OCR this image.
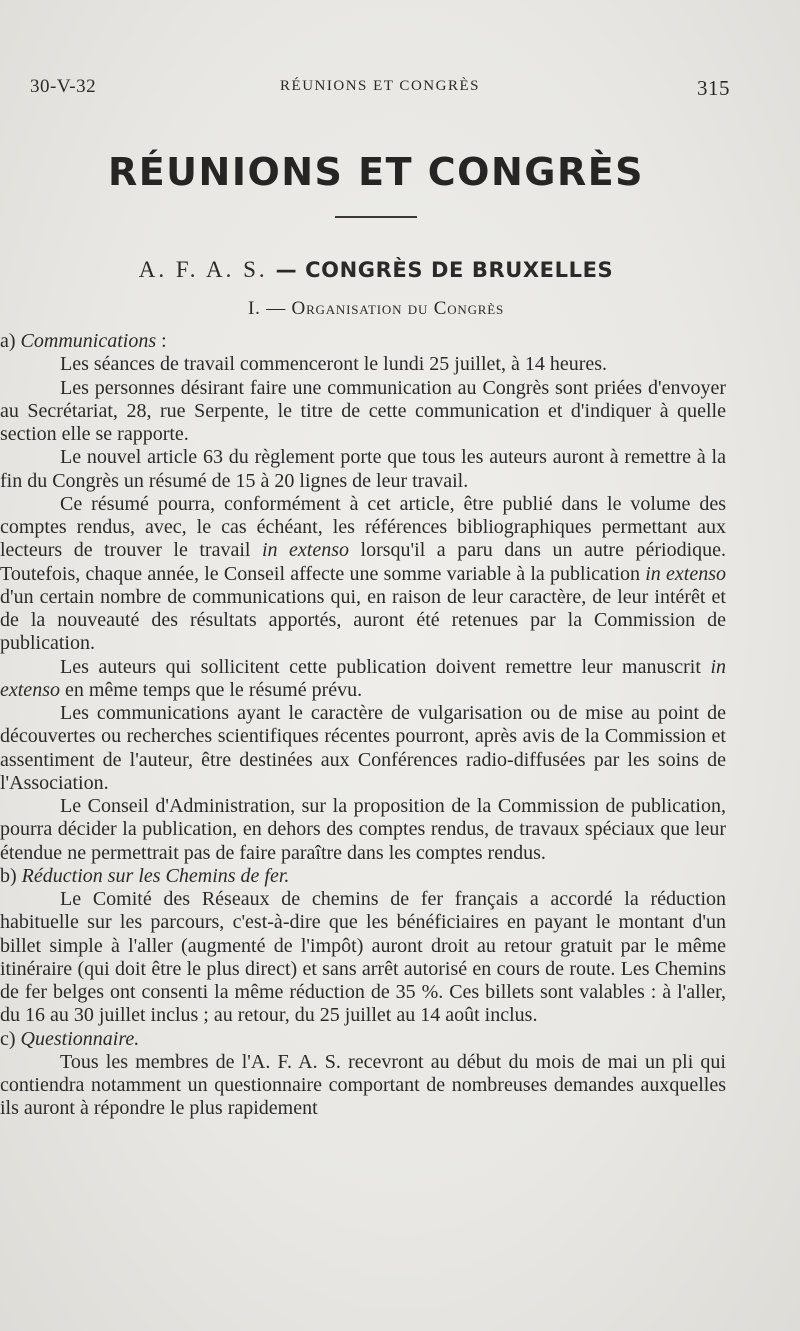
30-V-32	RÉUNIONS ET CONGRÈS	315
RÉUNIONS ET CONGRÈS
A. F. A. S. — CONGRÈS DE BRUXELLES
I. — Organisation du Congrès

a) Communications :

Les séances de travail commenceront le lundi 25 juillet, à 14 heures.

Les personnes désirant faire une communication au Congrès sont priées d'envoyer au Secrétariat, 28, rue Serpente, le titre de cette communication et d'indiquer à quelle section elle se rapporte.

Le nouvel article 63 du règlement porte que tous les auteurs auront à remettre à la fin du Congrès un résumé de 15 à 20 lignes de leur travail.

Ce résumé pourra, conformément à cet article, être publié dans le volume des comptes rendus, avec, le cas échéant, les références bibliographiques permettant aux lecteurs de trouver le travail in extenso lorsqu'il a paru dans un autre périodique. Toutefois, chaque année, le Conseil affecte une somme variable à la publication in extenso d'un certain nombre de communications qui, en raison de leur caractère, de leur intérêt et de la nouveauté des résultats apportés, auront été retenues par la Commission de publication.

Les auteurs qui sollicitent cette publication doivent remettre leur manuscrit in extenso en même temps que le résumé prévu.

Les communications ayant le caractère de vulgarisation ou de mise au point de découvertes ou recherches scientifiques récentes pourront, après avis de la Commission et assentiment de l'auteur, être destinées aux Conférences radio-diffusées par les soins de l'Association.

Le Conseil d'Administration, sur la proposition de la Commission de publication, pourra décider la publication, en dehors des comptes rendus, de travaux spéciaux que leur étendue ne permettrait pas de faire paraître dans les comptes rendus.

b) Réduction sur les Chemins de fer.

Le Comité des Réseaux de chemins de fer français a accordé la réduction habituelle sur les parcours, c'est-à-dire que les bénéficiaires en payant le montant d'un billet simple à l'aller (augmenté de l'impôt) auront droit au retour gratuit par le même itinéraire (qui doit être le plus direct) et sans arrêt autorisé en cours de route. Les Chemins de fer belges ont consenti la même réduction de 35 %. Ces billets sont valables : à l'aller, du 16 au 30 juillet inclus ; au retour, du 25 juillet au 14 août inclus.

c) Questionnaire.

Tous les membres de l'A. F. A. S. recevront au début du mois de mai un pli qui contiendra notamment un questionnaire comportant de nombreuses demandes auxquelles ils auront à répondre le plus rapidement
